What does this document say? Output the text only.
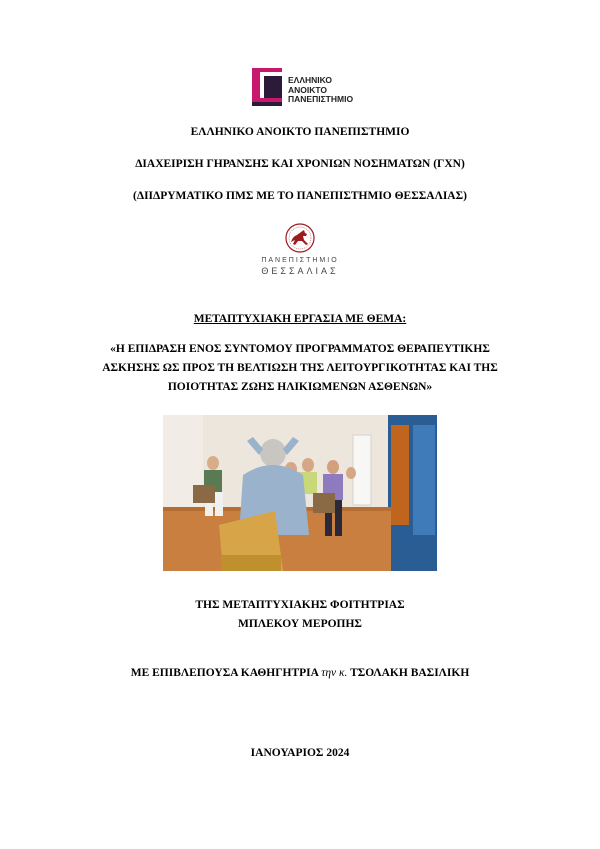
ΕΛΛΗΝΙΚΟ
ΑΝΟΙΚΤΟ
ΠΑΝΕΠΙΣΤΗΜΙΟ
ΕΛΛΗΝΙΚΟ ΑΝΟΙΚΤΟ ΠΑΝΕΠΙΣΤΗΜΙΟ
ΔΙΑΧΕΙΡΙΣΗ ΓΗΡΑΝΣΗΣ ΚΑΙ ΧΡΟΝΙΩΝ ΝΟΣΗΜΑΤΩΝ (ΓΧΝ)
(ΔΙΙΔΡΥΜΑΤΙΚΟ ΠΜΣ ΜΕ ΤΟ ΠΑΝΕΠΙΣΤΗΜΙΟ ΘΕΣΣΑΛΙΑΣ)
ΠΑΝΕΠΙΣΤΗΜΙΟ
ΘΕΣΣΑΛΙΑΣ
ΜΕΤΑΠΤΥΧΙΑΚΗ ΕΡΓΑΣΙΑ ΜΕ ΘΕΜΑ:
«Η ΕΠΙΔΡΑΣΗ ΕΝΟΣ ΣΥΝΤΟΜΟΥ ΠΡΟΓΡΑΜΜΑΤΟΣ ΘΕΡΑΠΕΥΤΙΚΗΣ
ΑΣΚΗΣΗΣ ΩΣ ΠΡΟΣ ΤΗ ΒΕΛΤΙΩΣΗ ΤΗΣ ΛΕΙΤΟΥΡΓΙΚΟΤΗΤΑΣ ΚΑΙ ΤΗΣ
ΠΟΙΟΤΗΤΑΣ ΖΩΗΣ ΗΛΙΚΙΩΜΕΝΩΝ ΑΣΘΕΝΩΝ»
ΤΗΣ ΜΕΤΑΠΤΥΧΙΑΚΗΣ ΦΟΙΤΗΤΡΙΑΣ
ΜΠΛΕΚΟΥ ΜΕΡΟΠΗΣ
ΜΕ ΕΠΙΒΛΕΠΟΥΣΑ ΚΑΘΗΓΗΤΡΙΑ την κ. ΤΣΟΛΑΚΗ ΒΑΣΙΛΙΚΗ
ΙΑΝΟΥΑΡΙΟΣ 2024
